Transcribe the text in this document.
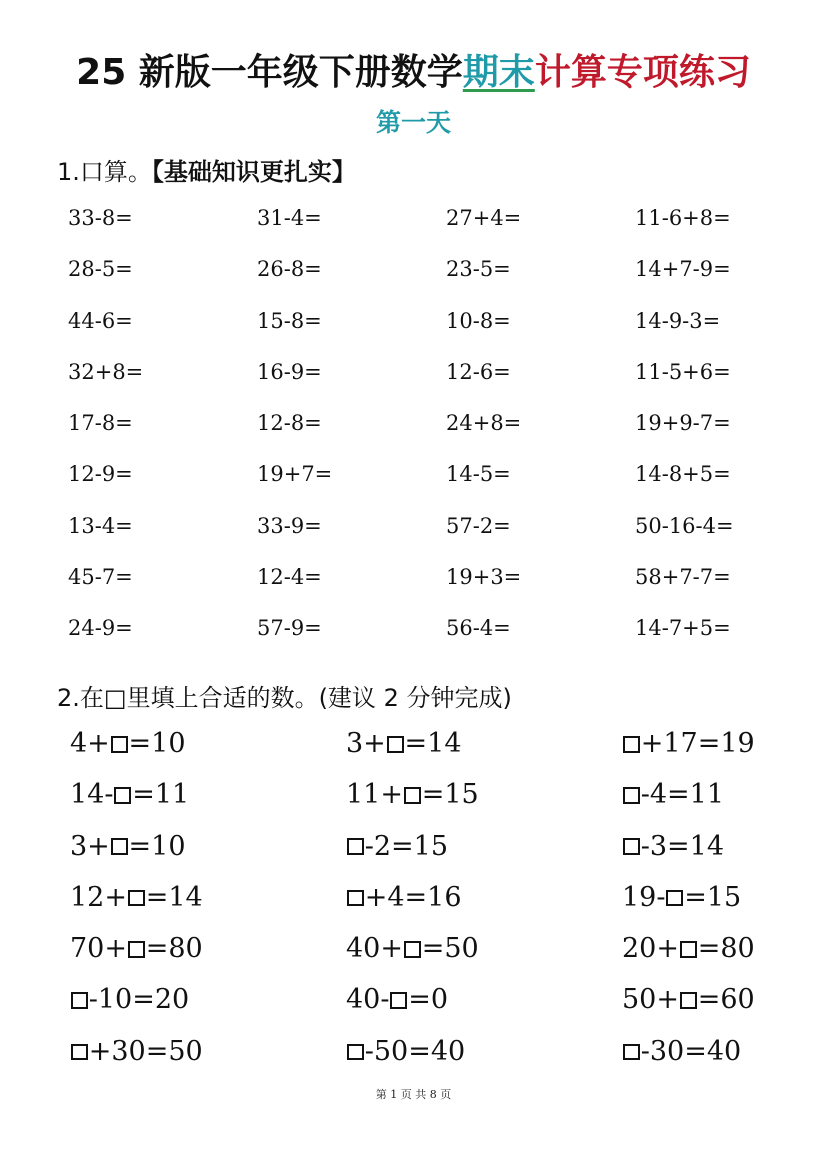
25 新版一年级下册数学期末计算专项练习
第一天
1.口算。【基础知识更扎实】
33-8=	31-4=	27+4=	11-6+8=
28-5=	26-8=	23-5=	14+7-9=
44-6=	15-8=	10-8=	14-9-3=
32+8=	16-9=	12-6=	11-5+6=
17-8=	12-8=	24+8=	19+9-7=
12-9=	19+7=	14-5=	14-8+5=
13-4=	33-9=	57-2=	50-16-4=
45-7=	12-4=	19+3=	58+7-7=
24-9=	57-9=	56-4=	14-7+5=
2.在□里填上合适的数。(建议 2 分钟完成)
4+ =10	3+ =14	+17=19
14- =11	11+ =15	-4=11
3+ =10	-2=15	-3=14
12+ =14	+4=16	19- =15
70+ =80	40+ =50	20+ =80
-10=20	40- =0	50+ =60
+30=50	-50=40	-30=40
第 1 页 共 8 页
